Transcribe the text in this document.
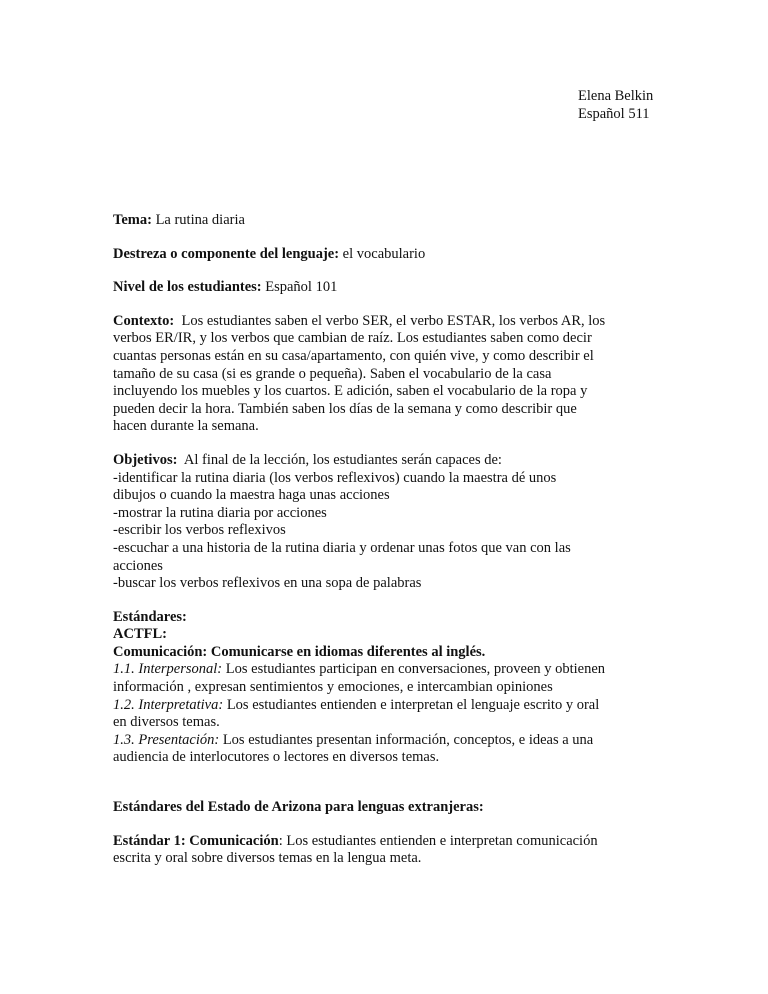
Elena Belkin
Español 511

Tema: La rutina diaria

Destreza o componente del lenguaje: el vocabulario

Nivel de los estudiantes: Español 101

Contexto: Los estudiantes saben el verbo SER, el verbo ESTAR, los verbos AR, los
verbos ER/IR, y los verbos que cambian de raíz. Los estudiantes saben como decir
cuantas personas están en su casa/apartamento, con quién vive, y como describir el
tamaño de su casa (si es grande o pequeña). Saben el vocabulario de la casa
incluyendo los muebles y los cuartos. E adición, saben el vocabulario de la ropa y
pueden decir la hora. También saben los días de la semana y como describir que
hacen durante la semana.

Objetivos: Al final de la lección, los estudiantes serán capaces de:
-identificar la rutina diaria (los verbos reflexivos) cuando la maestra dé unos
dibujos o cuando la maestra haga unas acciones
-mostrar la rutina diaria por acciones
-escribir los verbos reflexivos
-escuchar a una historia de la rutina diaria y ordenar unas fotos que van con las
acciones
-buscar los verbos reflexivos en una sopa de palabras

Estándares:
ACTFL:
Comunicación: Comunicarse en idiomas diferentes al inglés.
1.1. Interpersonal: Los estudiantes participan en conversaciones, proveen y obtienen
información , expresan sentimientos y emociones, e intercambian opiniones
1.2. Interpretativa: Los estudiantes entienden e interpretan el lenguaje escrito y oral
en diversos temas.
1.3. Presentación: Los estudiantes presentan información, conceptos, e ideas a una
audiencia de interlocutores o lectores en diversos temas.

Estándares del Estado de Arizona para lenguas extranjeras:

Estándar 1: Comunicación: Los estudiantes entienden e interpretan comunicación
escrita y oral sobre diversos temas en la lengua meta.
